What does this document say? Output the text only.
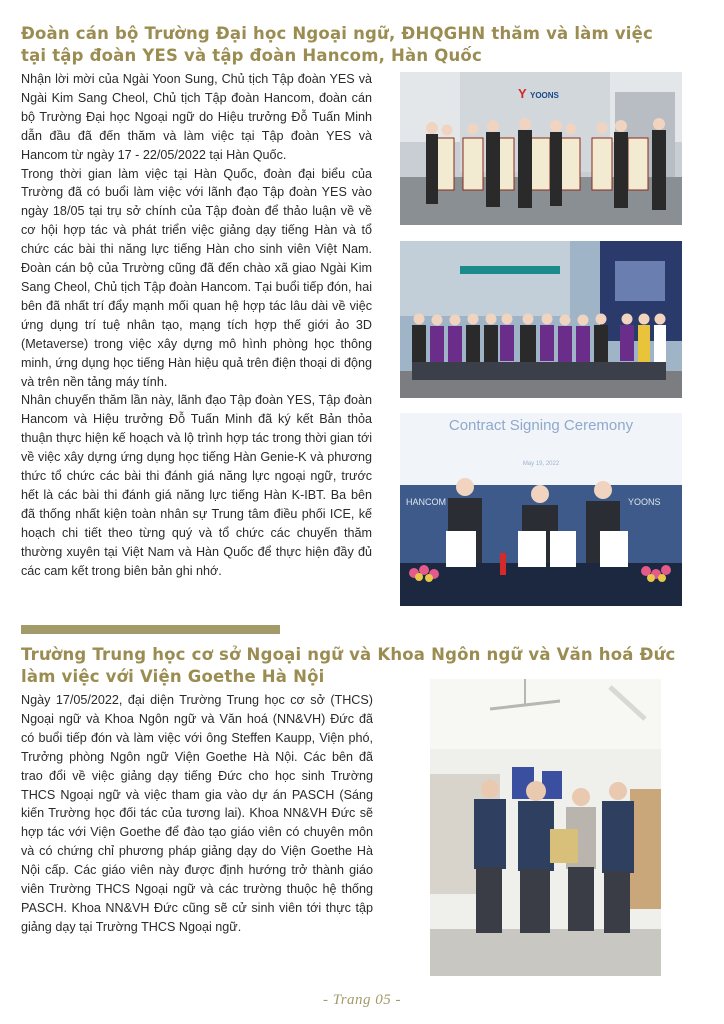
Đoàn cán bộ Trường Đại học Ngoại ngữ, ĐHQGHN thăm và làm việc
tại tập đoàn YES và tập đoàn Hancom, Hàn Quốc

Nhận lời mời của Ngài Yoon Sung, Chủ tịch Tập đoàn YES và Ngài Kim Sang Cheol, Chủ tịch Tập đoàn Hancom, đoàn cán bộ Trường Đại học Ngoại ngữ do Hiệu trưởng Đỗ Tuấn Minh dẫn đầu đã đến thăm và làm việc tại Tập đoàn YES và Hancom từ ngày 17 - 22/05/2022 tại Hàn Quốc.

Trong thời gian làm việc tại Hàn Quốc, đoàn đại biểu của Trường đã có buổi làm việc với lãnh đạo Tập đoàn YES vào ngày 18/05 tại trụ sở chính của Tập đoàn để thảo luận về về cơ hội hợp tác và phát triển việc giảng dạy tiếng Hàn và tổ chức các bài thi năng lực tiếng Hàn cho sinh viên Việt Nam. Đoàn cán bộ của Trường cũng đã đến chào xã giao Ngài Kim Sang Cheol, Chủ tịch Tập đoàn Hancom. Tại buổi tiếp đón, hai bên đã nhất trí đẩy mạnh mối quan hệ hợp tác lâu dài về việc ứng dụng trí tuệ nhân tạo, mạng tích hợp thế giới ảo 3D (Metaverse) trong việc xây dựng mô hình phòng học thông minh, ứng dụng học tiếng Hàn hiệu quả trên điện thoại di động và trên nền tảng máy tính.

Nhân chuyến thăm lần này, lãnh đạo Tập đoàn YES, Tập đoàn Hancom và Hiệu trưởng Đỗ Tuấn Minh đã ký kết Bản thỏa thuận thực hiện kế hoạch và lộ trình hợp tác trong thời gian tới về việc xây dựng ứng dụng học tiếng Hàn Genie-K và phương thức tổ chức các bài thi đánh giá năng lực ngoại ngữ, trước hết là các bài thi đánh giá năng lực tiếng Hàn K-IBT. Ba bên đã thống nhất kiện toàn nhân sự Trung tâm điều phối ICE, kế hoạch chi tiết theo từng quý và tổ chức các chuyến thăm thường xuyên tại Việt Nam và Hàn Quốc để thực hiện đầy đủ các cam kết trong biên bản ghi nhớ.

Y YOONS
Contract Signing Ceremony
May 19, 2022
HANCOM	YOONS
Trường Trung học cơ sở Ngoại ngữ và Khoa Ngôn ngữ và Văn hoá Đức
làm việc với Viện Goethe Hà Nội

Ngày 17/05/2022, đại diện Trường Trung học cơ sở (THCS) Ngoại ngữ và Khoa Ngôn ngữ và Văn hoá (NN&VH) Đức đã có buổi tiếp đón và làm việc với ông Steffen Kaupp, Viện phó, Trưởng phòng Ngôn ngữ Viện Goethe Hà Nội. Các bên đã trao đổi về việc giảng dạy tiếng Đức cho học sinh Trường THCS Ngoại ngữ và việc tham gia vào dự án PASCH (Sáng kiến Trường học đối tác của tương lai). Khoa NN&VH Đức sẽ hợp tác với Viện Goethe để đào tạo giáo viên có chuyên môn và có chứng chỉ phương pháp giảng dạy do Viện Goethe Hà Nội cấp. Các giáo viên này được định hướng trở thành giáo viên Trường THCS Ngoại ngữ và các trường thuộc hệ thống PASCH. Khoa NN&VH Đức cũng sẽ cử sinh viên tới thực tập giảng dạy tại Trường THCS Ngoại ngữ.

- Trang 05 -
